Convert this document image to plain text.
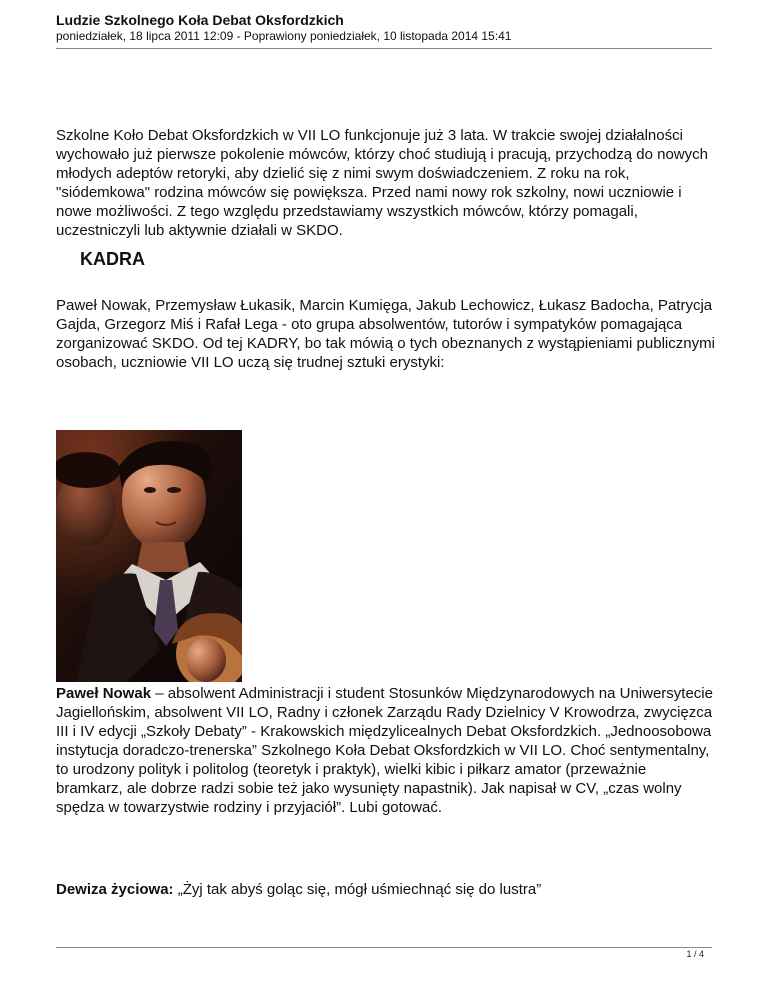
Ludzie Szkolnego Koła Debat Oksfordzkich

poniedziałek, 18 lipca 2011 12:09 - Poprawiony poniedziałek, 10 listopada 2014 15:41

Szkolne Koło Debat Oksfordzkich w VII LO funkcjonuje już 3 lata. W trakcie swojej działalności wychowało już pierwsze pokolenie mówców, którzy choć studiują i pracują, przychodzą do nowych młodych adeptów retoryki, aby dzielić się z nimi swym doświadczeniem. Z roku na rok, "siódemkowa" rodzina mówców się powiększa. Przed nami nowy rok szkolny, nowi uczniowie i nowe możliwości. Z tego względu przedstawiamy wszystkich mówców, którzy pomagali, uczestniczyli lub aktywnie działali w SKDO.

KADRA

Paweł Nowak, Przemysław Łukasik, Marcin Kumięga, Jakub Lechowicz, Łukasz Badocha, Patrycja Gajda, Grzegorz Miś i Rafał Lega - oto grupa absolwentów, tutorów i sympatyków pomagająca zorganizować SKDO. Od tej KADRY, bo tak mówią o tych obeznanych z wystąpieniami publicznymi osobach, uczniowie VII LO uczą się trudnej sztuki erystyki:

Paweł Nowak – absolwent Administracji i student Stosunków Międzynarodowych na Uniwersytecie Jagiellońskim, absolwent VII LO, Radny i członek Zarządu Rady Dzielnicy V Krowodrza, zwycięzca III i IV edycji „Szkoły Debaty” - Krakowskich międzylicealnych Debat Oksfordzkich. „Jednoosobowa instytucja doradczo-trenerska” Szkolnego Koła Debat Oksfordzkich w VII LO. Choć sentymentalny, to urodzony polityk i politolog (teoretyk i praktyk), wielki kibic i piłkarz amator (przeważnie bramkarz, ale dobrze radzi sobie też jako wysunięty napastnik). Jak napisał w CV, „czas wolny spędza w towarzystwie rodziny i przyjaciół”. Lubi gotować.

Dewiza życiowa: „Żyj tak abyś goląc się, mógł uśmiechnąć się do lustra”

1 / 4
